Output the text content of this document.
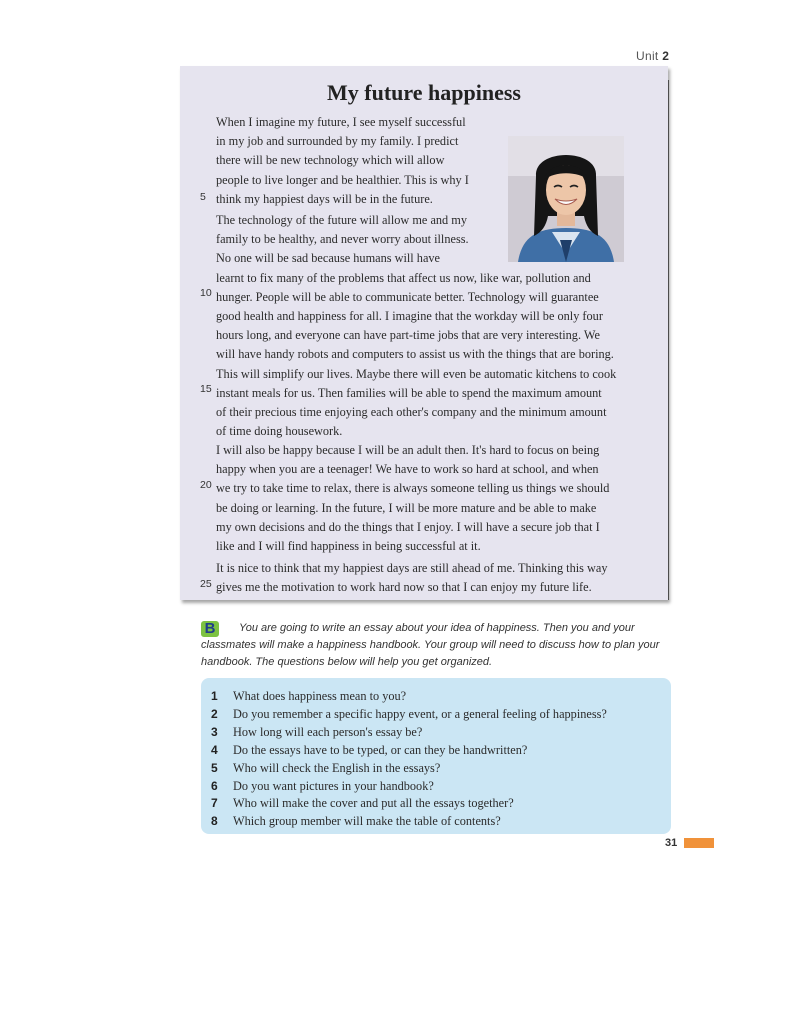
Unit 2
My future happiness
When I imagine my future, I see myself successful
in my job and surrounded by my family. I predict
there will be new technology which will allow
people to live longer and be healthier. This is why I
think my happiest days will be in the future.
The technology of the future will allow me and my
family to be healthy, and never worry about illness.
No one will be sad because humans will have
learnt to fix many of the problems that affect us now, like war, pollution and
hunger. People will be able to communicate better. Technology will guarantee
good health and happiness for all. I imagine that the workday will be only four
hours long, and everyone can have part-time jobs that are very interesting. We
will have handy robots and computers to assist us with the things that are boring.
This will simplify our lives. Maybe there will even be automatic kitchens to cook
instant meals for us. Then families will be able to spend the maximum amount
of their precious time enjoying each other's company and the minimum amount
of time doing housework.
I will also be happy because I will be an adult then. It's hard to focus on being
happy when you are a teenager! We have to work so hard at school, and when
we try to take time to relax, there is always someone telling us things we should
be doing or learning. In the future, I will be more mature and be able to make
my own decisions and do the things that I enjoy. I will have a secure job that I
like and I will find happiness in being successful at it.
It is nice to think that my happiest days are still ahead of me. Thinking this way
gives me the motivation to work hard now so that I can enjoy my future life.
5
10
15
20
25
B	You are going to write an essay about your idea of happiness. Then you and your classmates will make a happiness handbook. Your group will need to discuss how to plan your handbook. The questions below will help you get organized.

1 What does happiness mean to you?
2 Do you remember a specific happy event, or a general feeling of happiness?
3 How long will each person's essay be?
4 Do the essays have to be typed, or can they be handwritten?
5 Who will check the English in the essays?
6 Do you want pictures in your handbook?
7 Who will make the cover and put all the essays together?
8 Which group member will make the table of contents?
31
